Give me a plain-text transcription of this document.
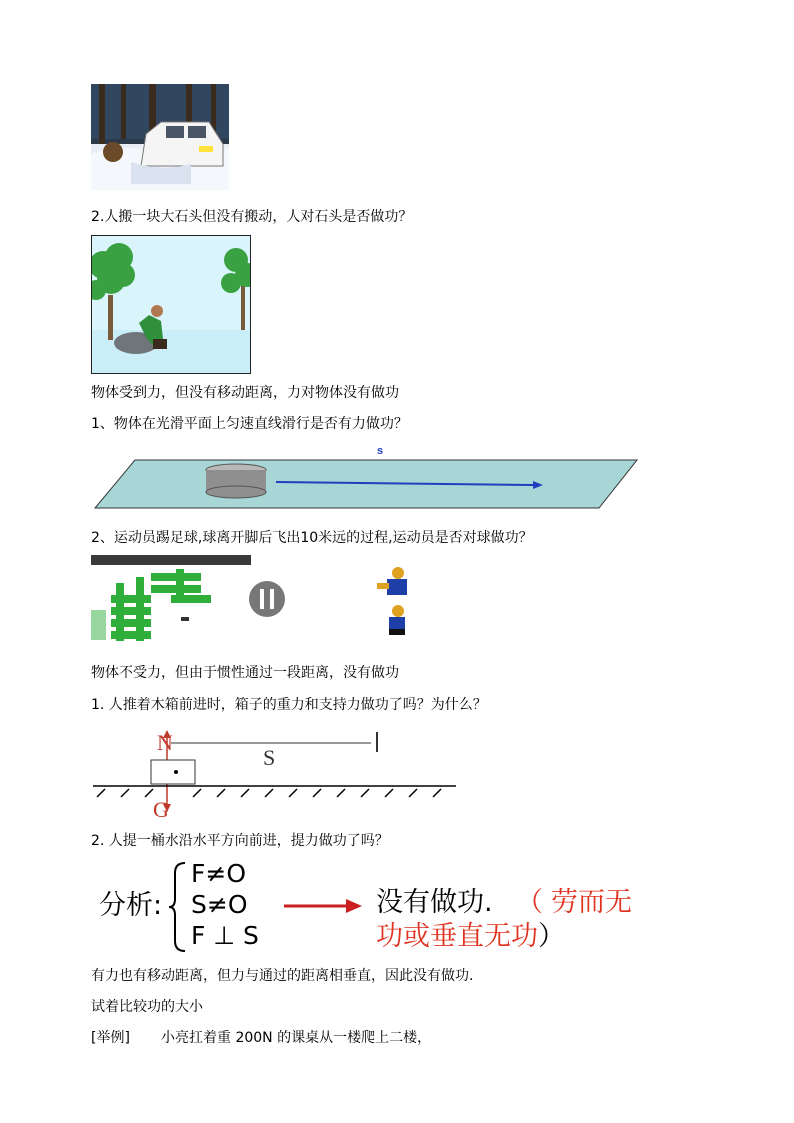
2.人搬一块大石头但没有搬动，人对石头是否做功？
物体受到力，但没有移动距离，力对物体没有做功
1、物体在光滑平面上匀速直线滑行是否有力做功？
s
2、运动员踢足球,球离开脚后飞出10米远的过程,运动员是否对球做功？
物体不受力，但由于惯性通过一段距离，没有做功
1. 人推着木箱前进时，箱子的重力和支持力做功了吗？为什么？
N
S
G
2. 人提一桶水沿水平方向前进，提力做功了吗？
分析:
F≠O
S≠O
F ⊥ S
没有做功. （ 劳而无
功或垂直无功）
有力也有移动距离，但力与通过的距离相垂直，因此没有做功.
试着比较功的大小
[举例] 小亮扛着重 200N 的课桌从一楼爬上二楼，
